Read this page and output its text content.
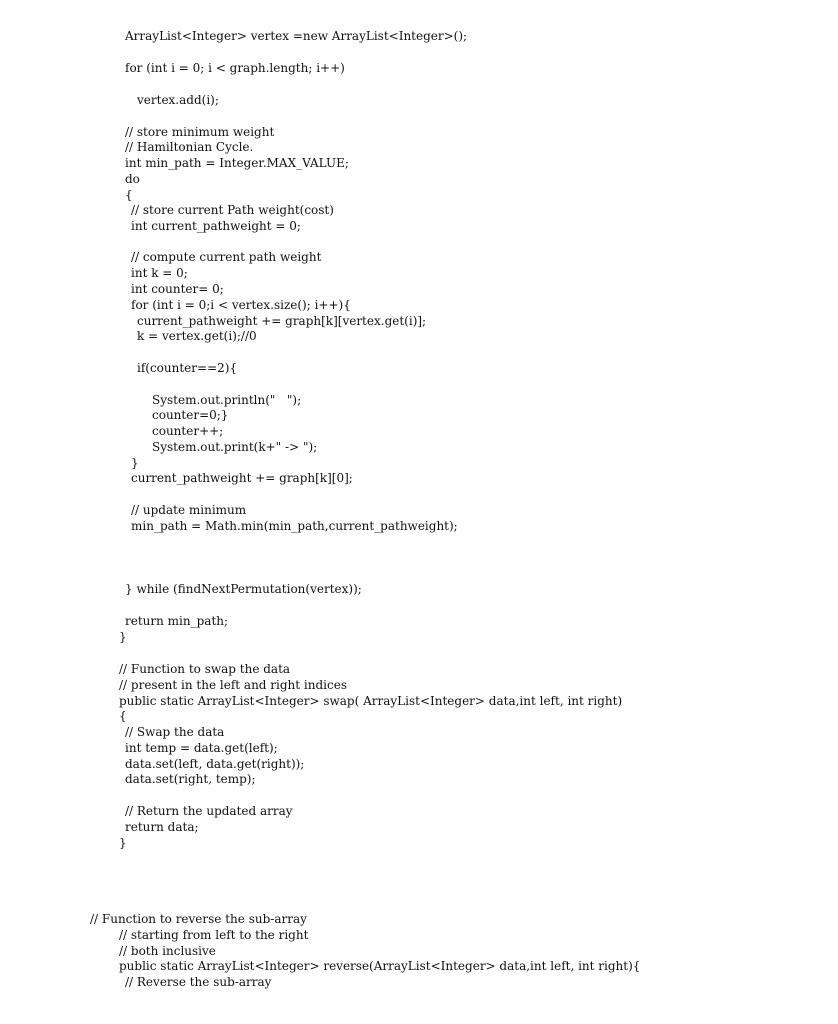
ArrayList<Integer> vertex =new ArrayList<Integer>();
for (int i = 0; i < graph.length; i++)
vertex.add(i);
// store minimum weight
// Hamiltonian Cycle.
int min_path = Integer.MAX_VALUE;
do
{
// store current Path weight(cost)
int current_pathweight = 0;
// compute current path weight
int k = 0;
int counter= 0;
for (int i = 0;i < vertex.size(); i++){
current_pathweight += graph[k][vertex.get(i)];
k = vertex.get(i);//0
if(counter==2){
System.out.println("   ");
counter=0;}
counter++;
System.out.print(k+" -> ");
}
current_pathweight += graph[k][0];
// update minimum
min_path = Math.min(min_path,current_pathweight);
} while (findNextPermutation(vertex));
return min_path;
}
// Function to swap the data
// present in the left and right indices
public static ArrayList<Integer> swap( ArrayList<Integer> data,int left, int right)
{
// Swap the data
int temp = data.get(left);
data.set(left, data.get(right));
data.set(right, temp);
// Return the updated array
return data;
}
// Function to reverse the sub-array
// starting from left to the right
// both inclusive
public static ArrayList<Integer> reverse(ArrayList<Integer> data,int left, int right){
// Reverse the sub-array
